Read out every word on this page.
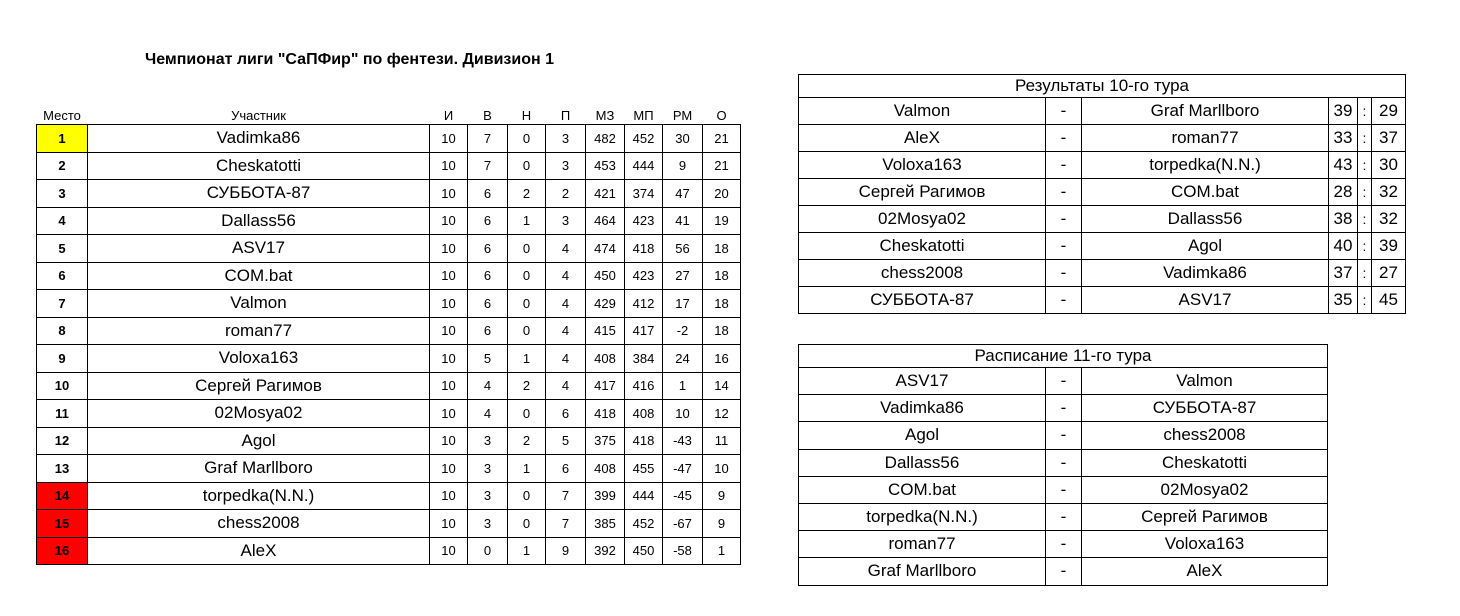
Чемпионат лиги "СаПФир" по фентези. Дивизион 1
Место	Участник	И	В	Н	П	МЗ	МП	РМ	О
1	Vadimka86	10	7	0	3	482	452	30	21
2	Cheskatotti	10	7	0	3	453	444	9	21
3	СУББОТА-87	10	6	2	2	421	374	47	20
4	Dallass56	10	6	1	3	464	423	41	19
5	ASV17	10	6	0	4	474	418	56	18
6	COM.bat	10	6	0	4	450	423	27	18
7	Valmon	10	6	0	4	429	412	17	18
8	roman77	10	6	0	4	415	417	-2	18
9	Voloxa163	10	5	1	4	408	384	24	16
10	Сергей Рагимов	10	4	2	4	417	416	1	14
11	02Mosya02	10	4	0	6	418	408	10	12
12	Agol	10	3	2	5	375	418	-43	11
13	Graf Marllboro	10	3	1	6	408	455	-47	10
14	torpedka(N.N.)	10	3	0	7	399	444	-45	9
15	chess2008	10	3	0	7	385	452	-67	9
16	AleX	10	0	1	9	392	450	-58	1
Результаты 10-го тура					
Valmon	-	Graf Marllboro	39	:	29
AleX	-	roman77	33	:	37
Voloxa163	-	torpedka(N.N.)	43	:	30
Сергей Рагимов	-	COM.bat	28	:	32
02Mosya02	-	Dallass56	38	:	32
Cheskatotti	-	Agol	40	:	39
chess2008	-	Vadimka86	37	:	27
СУББОТА-87	-	ASV17	35	:	45
Расписание 11-го тура		
ASV17	-	Valmon
Vadimka86	-	СУББОТА-87
Agol	-	chess2008
Dallass56	-	Cheskatotti
COM.bat	-	02Mosya02
torpedka(N.N.)	-	Сергей Рагимов
roman77	-	Voloxa163
Graf Marllboro	-	AleX
